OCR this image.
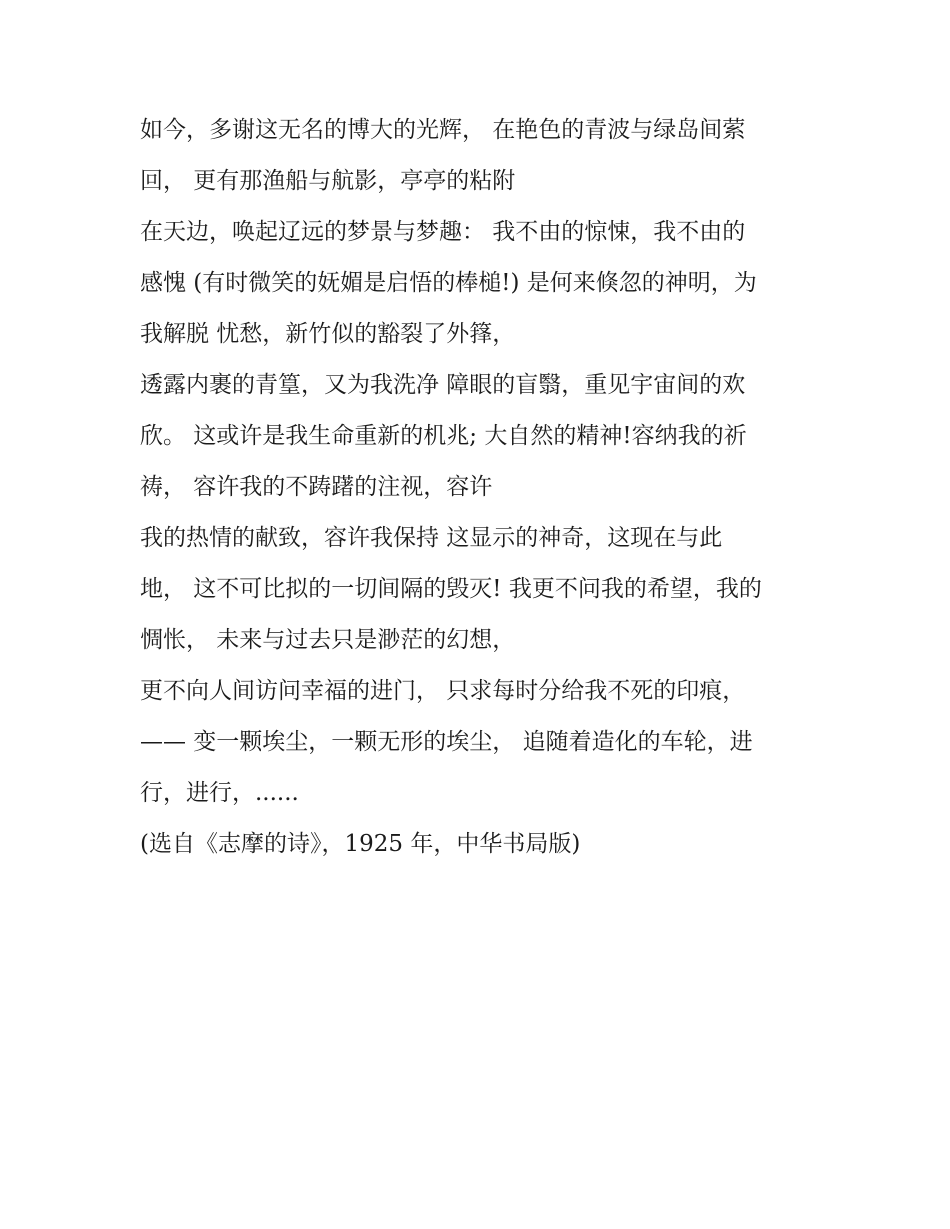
如今，多谢这无名的博大的光辉， 在艳色的青波与绿岛间萦
回， 更有那渔船与航影，亭亭的粘附
在天边，唤起辽远的梦景与梦趣： 我不由的惊悚，我不由的
感愧 (有时微笑的妩媚是启悟的棒槌!) 是何来倏忽的神明，为
我解脱 忧愁，新竹似的豁裂了外箨，
透露内裹的青篁，又为我洗净 障眼的盲翳，重见宇宙间的欢
欣。 这或许是我生命重新的机兆; 大自然的精神!容纳我的祈
祷， 容许我的不踌躇的注视，容许
我的热情的献致，容许我保持 这显示的神奇，这现在与此
地， 这不可比拟的一切间隔的毁灭! 我更不问我的希望，我的
惆怅， 未来与过去只是渺茫的幻想，
更不向人间访问幸福的进门， 只求每时分给我不死的印痕，
—— 变一颗埃尘，一颗无形的埃尘， 追随着造化的车轮，进
行，进行，......
(选自《志摩的诗》，1925 年，中华书局版)
